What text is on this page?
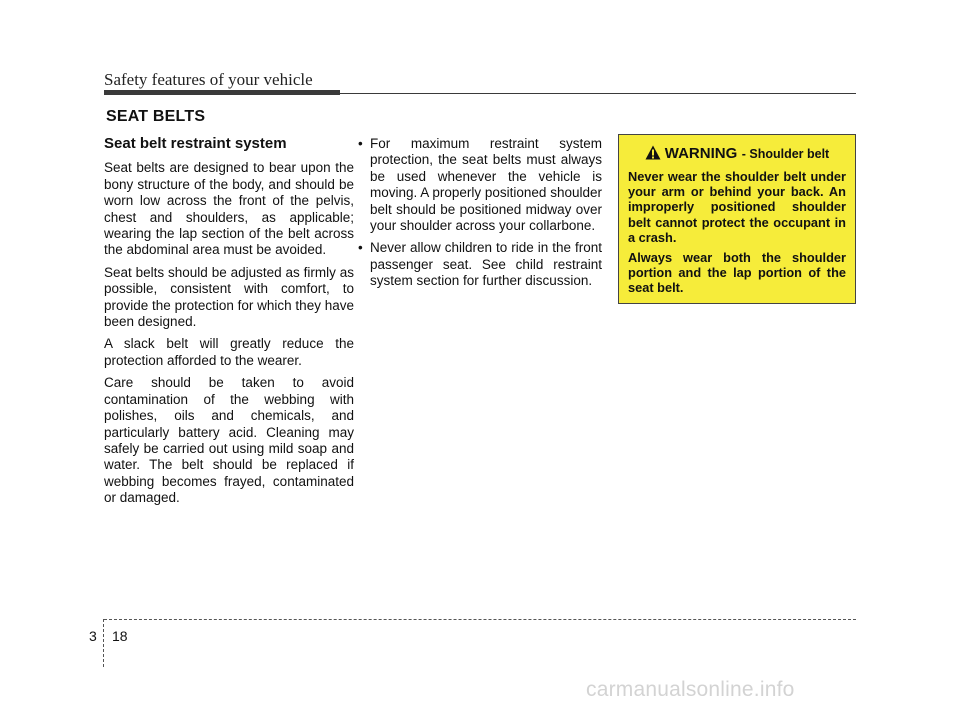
Safety features of your vehicle
SEAT BELTS
Seat belt restraint system

Seat belts are designed to bear upon the bony structure of the body, and should be worn low across the front of the pelvis, chest and shoulders, as applicable; wearing the lap section of the belt across the abdominal area must be avoided.

Seat belts should be adjusted as firmly as possible, consistent with comfort, to provide the protection for which they have been designed.

A slack belt will greatly reduce the protection afforded to the wearer.

Care should be taken to avoid contamination of the webbing with polishes, oils and chemicals, and particularly battery acid. Cleaning may safely be carried out using mild soap and water. The belt should be replaced if webbing becomes frayed, contaminated or damaged.

• For maximum restraint system protection, the seat belts must always be used whenever the vehicle is moving. A properly positioned shoulder belt should be positioned midway over your shoulder across your collarbone.
• Never allow children to ride in the front passenger seat. See child restraint system section for further discussion.
WARNING - Shoulder belt

Never wear the shoulder belt under your arm or behind your back. An improperly positioned shoulder belt cannot protect the occupant in a crash.

Always wear both the shoulder portion and the lap portion of the seat belt.

3 18
carmanualsonline.info
